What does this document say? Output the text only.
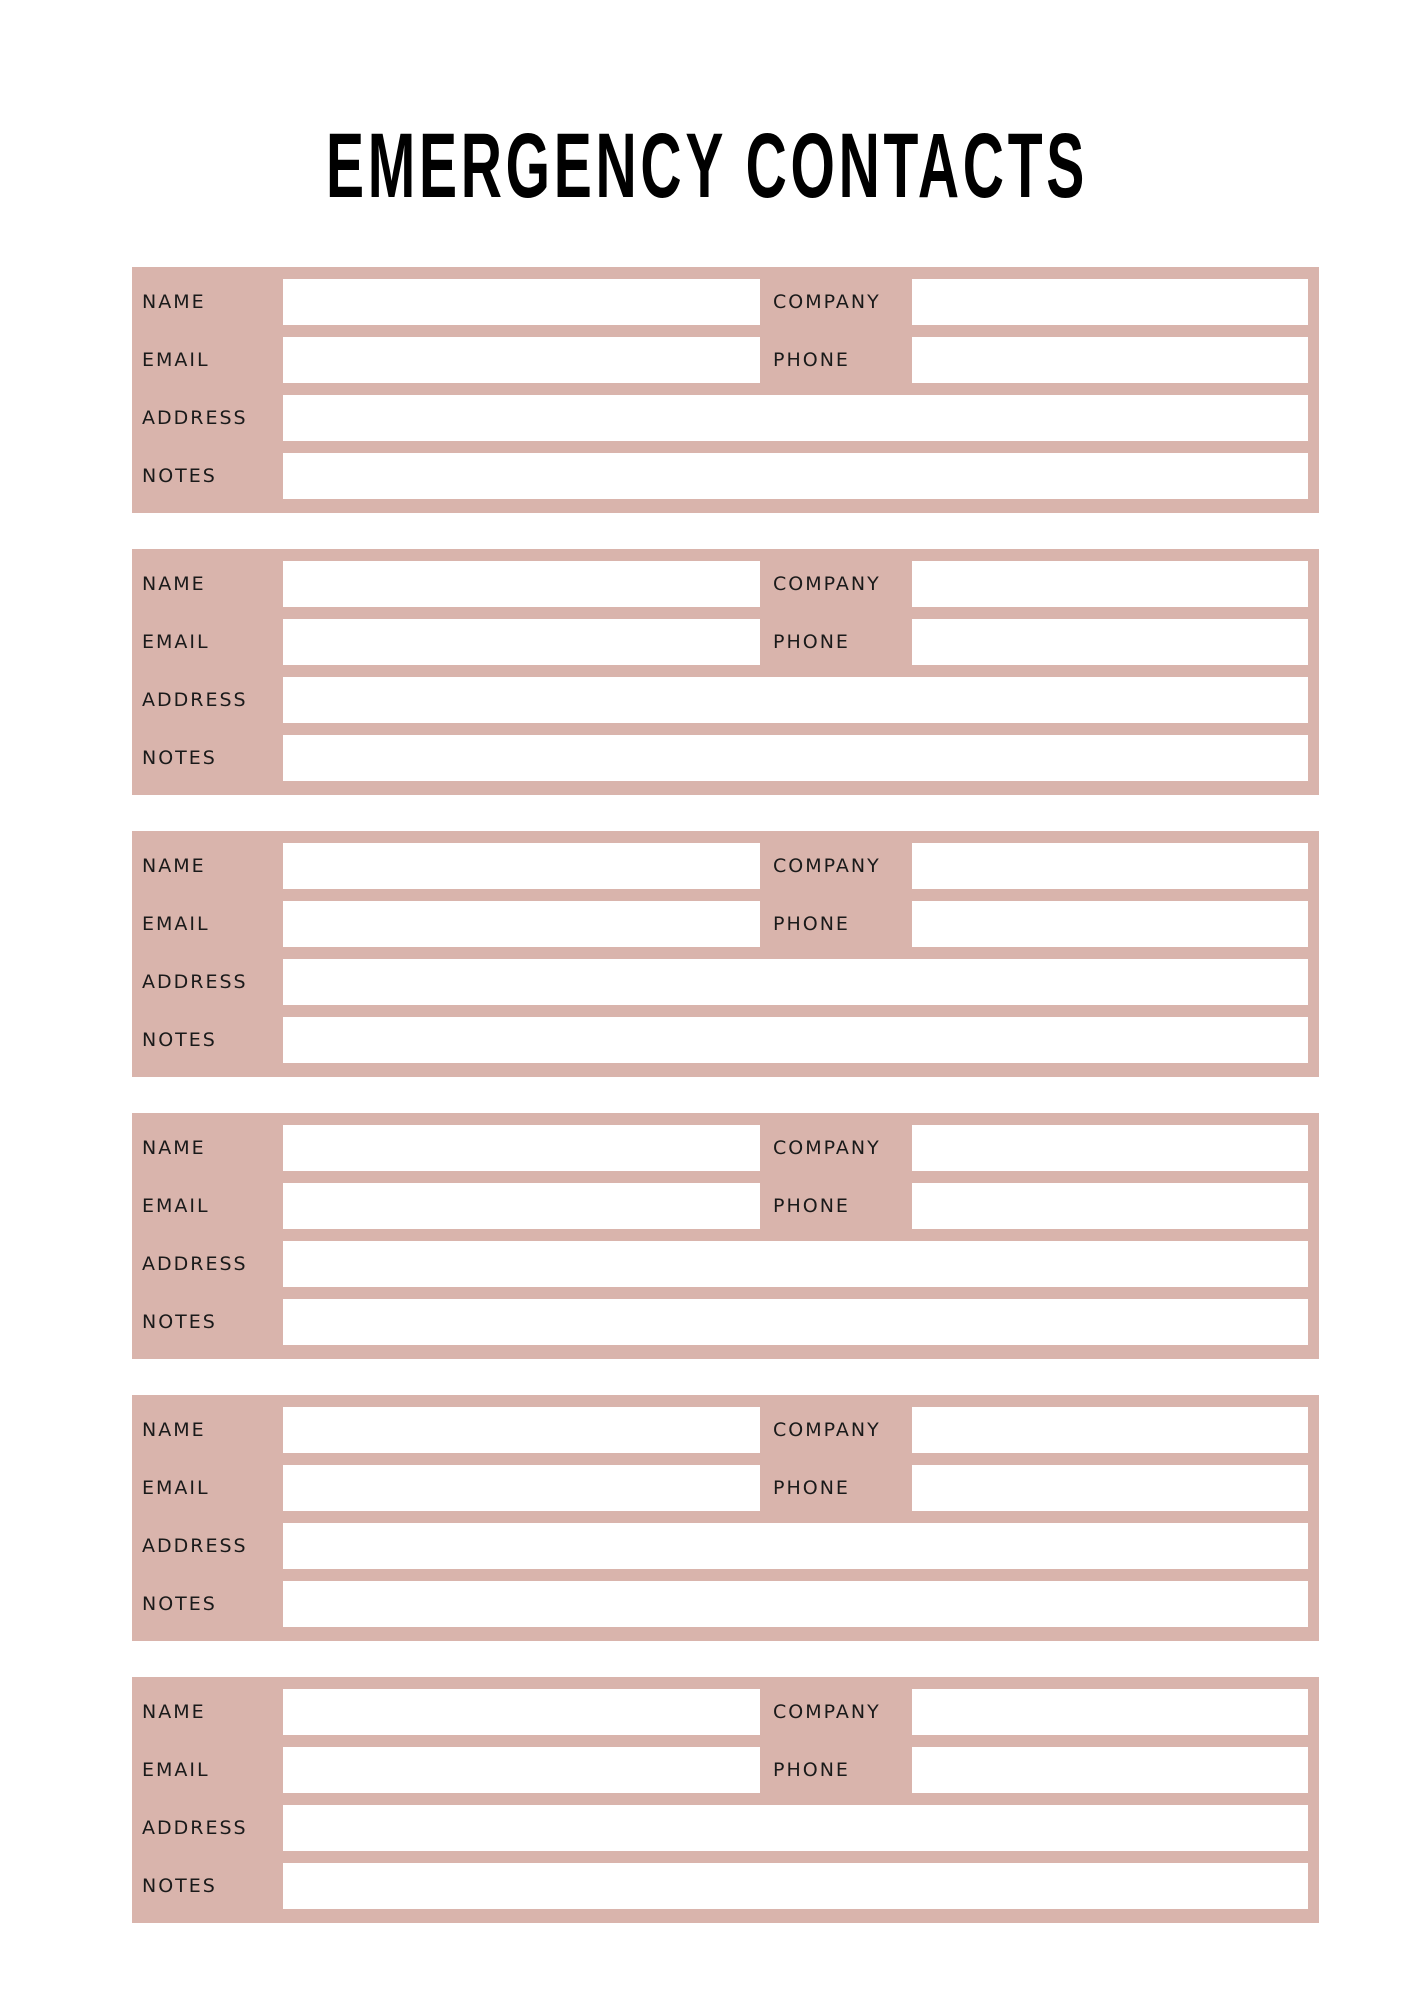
EMERGENCY CONTACTS
NAME	COMPANY
EMAIL	PHONE
ADDRESS
NOTES
NAME	COMPANY
EMAIL	PHONE
ADDRESS
NOTES
NAME	COMPANY
EMAIL	PHONE
ADDRESS
NOTES
NAME	COMPANY
EMAIL	PHONE
ADDRESS
NOTES
NAME	COMPANY
EMAIL	PHONE
ADDRESS
NOTES
NAME	COMPANY
EMAIL	PHONE
ADDRESS
NOTES
